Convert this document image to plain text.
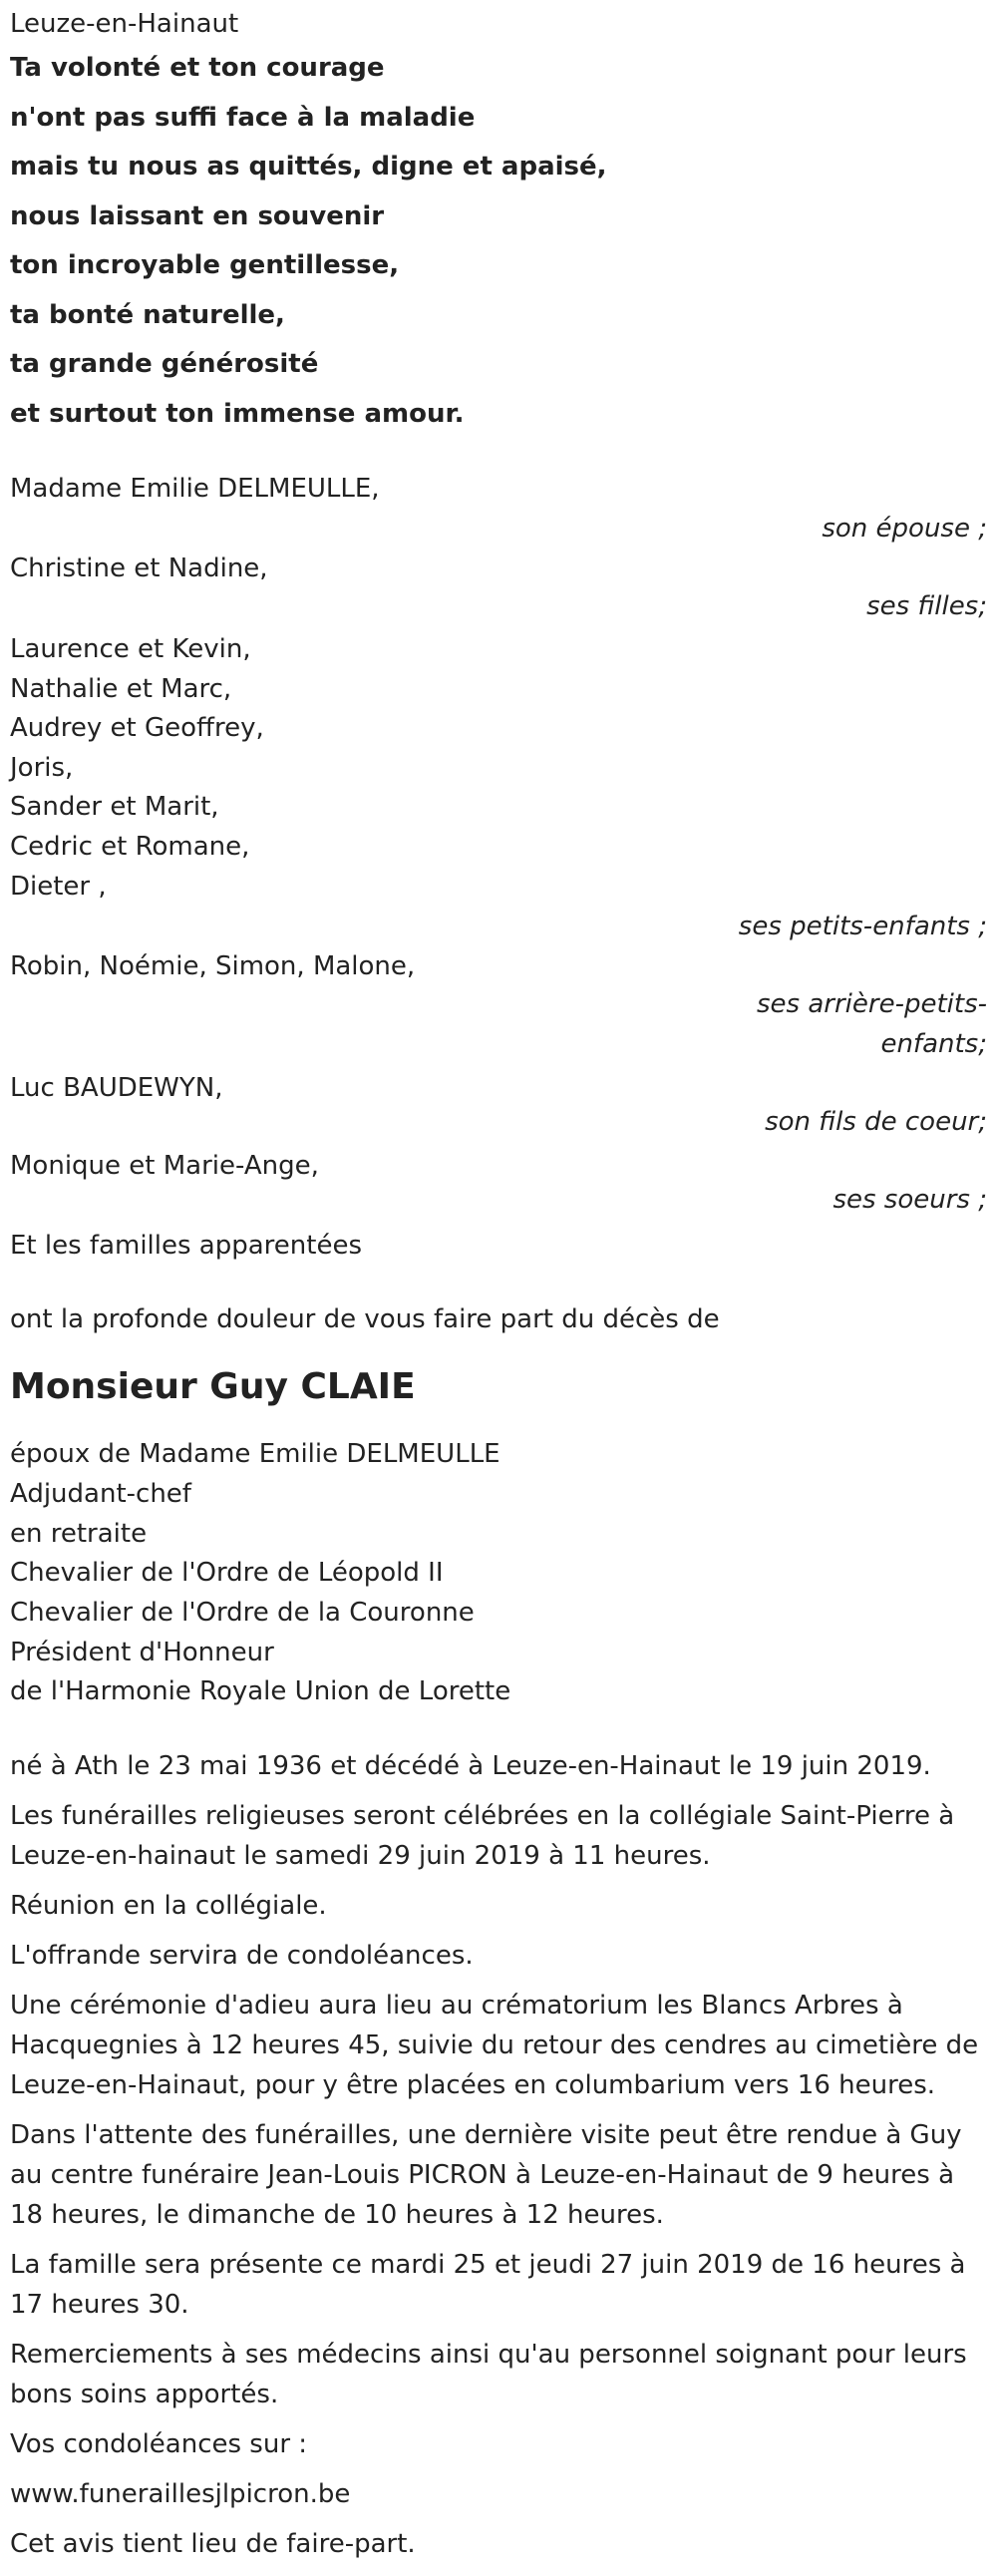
Leuze-en-Hainaut
Ta volonté et ton courage
n'ont pas suffi face à la maladie
mais tu nous as quittés, digne et apaisé,
nous laissant en souvenir
ton incroyable gentillesse,
ta bonté naturelle,
ta grande générosité
et surtout ton immense amour.
Madame Emilie DELMEULLE,
son épouse ;
Christine et Nadine,
ses filles;
Laurence et Kevin,
Nathalie et Marc,
Audrey et Geoffrey,
Joris,
Sander et Marit,
Cedric et Romane,
Dieter ,
ses petits-enfants ;
Robin, Noémie, Simon, Malone,
ses arrière-petits-
enfants;
Luc BAUDEWYN,
son fils de coeur;
Monique et Marie-Ange,
ses soeurs ;
Et les familles apparentées
ont la profonde douleur de vous faire part du décès de
Monsieur Guy CLAIE
époux de Madame Emilie DELMEULLE
Adjudant-chef
en retraite
Chevalier de l'Ordre de Léopold II
Chevalier de l'Ordre de la Couronne
Président d'Honneur
de l'Harmonie Royale Union de Lorette
né à Ath le 23 mai 1936 et décédé à Leuze-en-Hainaut le 19 juin 2019.
Les funérailles religieuses seront célébrées en la collégiale Saint-Pierre à Leuze-en-hainaut le samedi 29 juin 2019 à 11 heures.
Réunion en la collégiale.
L'offrande servira de condoléances.
Une cérémonie d'adieu aura lieu au crématorium les Blancs Arbres à Hacquegnies à 12 heures 45, suivie du retour des cendres au cimetière de Leuze-en-Hainaut, pour y être placées en columbarium vers 16 heures.
Dans l'attente des funérailles, une dernière visite peut être rendue à Guy au centre funéraire Jean-Louis PICRON à Leuze-en-Hainaut de 9 heures à 18 heures, le dimanche de 10 heures à 12 heures.
La famille sera présente ce mardi 25 et jeudi 27 juin 2019 de 16 heures à 17 heures 30.
Remerciements à ses médecins ainsi qu'au personnel soignant pour leurs bons soins apportés.
Vos condoléances sur :
www.funeraillesjlpicron.be
Cet avis tient lieu de faire-part.
